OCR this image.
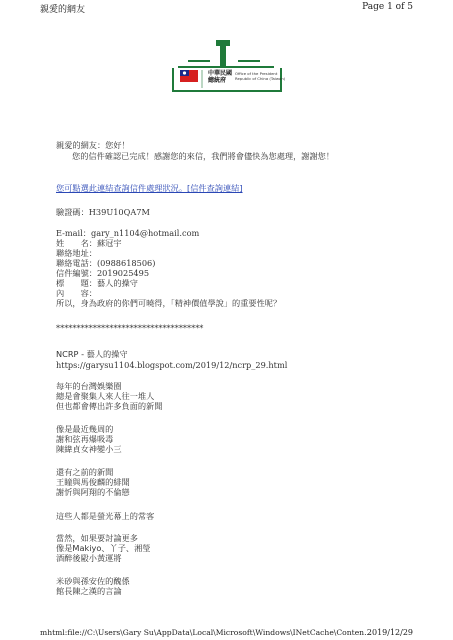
親愛的網友	Page 1 of 5
中華民國
總統府
Office of the President
Republic of China (Taiwan)
親愛的網友：您好！
您的信件確認已完成！感謝您的來信，我們將會儘快為您處理，謝謝您！
您可點選此連結查詢信件處理狀況。[信件查詢連結]
驗證碼：H39U10QA7M
E-mail：gary_n1104@hotmail.com
姓　　名：蘇冠宇
聯絡地址：
聯絡電話：(0988618506)
信件編號：2019025495
標　　題：藝人的操守
內　　容：
所以，身為政府的你們可曉得，「精神價值學說」的重要性呢？
************************************
NCRP - 藝人的操守
https://garysu1104.blogspot.com/2019/12/ncrp_29.html
每年的台灣娛樂圈
總是會聚集人來人往一堆人
但也都會傳出許多負面的新聞
像是最近幾周的
謝和弦再爆吸毒
陳緯貞女神變小三
還有之前的新聞
王瞳與馬俊麟的緋聞
謝忻與阿翔的不倫戀
這些人都是螢光幕上的常客
當然，如果要討論更多
像是Makiyo、丫子、湘瑩
酒醉後毆小黃運將
米砂與孫安佐的醜係
館長陳之漢的言論
mhtml:file://C:\Users\Gary Su\AppData\Local\Microsoft\Windows\INetCache\Conten...
2019/12/29
